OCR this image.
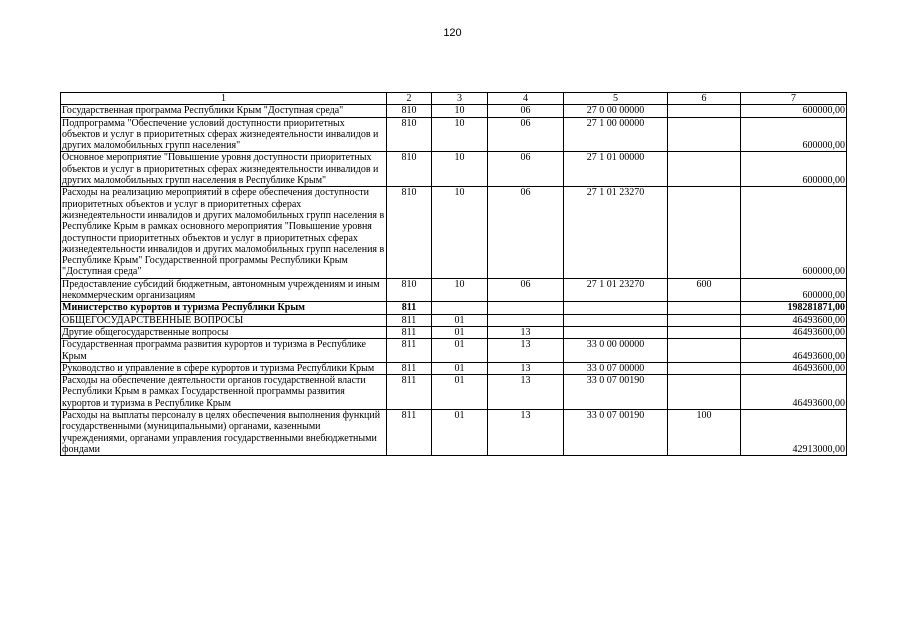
120
1	2	3	4	5	6	7
Государственная программа Республики Крым "Доступная среда"	810	10	06	27 0 00 00000		600000,00
Подпрограмма "Обеспечение условий доступности приоритетных объектов и услуг в приоритетных сферах жизнедеятельности инвалидов и других маломобильных групп населения"	810	10	06	27 1 00 00000		600000,00
Основное мероприятие "Повышение уровня доступности приоритетных объектов и услуг в приоритетных сферах жизнедеятельности инвалидов и других маломобильных групп населения в Республике Крым"	810	10	06	27 1 01 00000		600000,00
Расходы на реализацию мероприятий в сфере обеспечения доступности приоритетных объектов и услуг в приоритетных сферах жизнедеятельности инвалидов и других маломобильных групп населения в Республике Крым в рамках основного мероприятия "Повышение уровня доступности приоритетных объектов и услуг в приоритетных сферах жизнедеятельности инвалидов и других маломобильных групп населения в Республике Крым" Государственной программы Республики Крым "Доступная среда"	810	10	06	27 1 01 23270		600000,00
Предоставление субсидий бюджетным, автономным учреждениям и иным некоммерческим организациям	810	10	06	27 1 01 23270	600	600000,00
Министерство курортов и туризма Республики Крым	811					198281871,00
ОБЩЕГОСУДАРСТВЕННЫЕ ВОПРОСЫ	811	01				46493600,00
Другие общегосударственные вопросы	811	01	13			46493600,00
Государственная программа развития курортов и туризма в Республике Крым	811	01	13	33 0 00 00000		46493600,00
Руководство и управление в сфере курортов и туризма Республики Крым	811	01	13	33 0 07 00000		46493600,00
Расходы на обеспечение деятельности органов государственной власти Республики Крым в рамках Государственной программы развития курортов и туризма в Республике Крым	811	01	13	33 0 07 00190		46493600,00
Расходы на выплаты персоналу в целях обеспечения выполнения функций государственными (муниципальными) органами, казенными учреждениями, органами управления государственными внебюджетными фондами	811	01	13	33 0 07 00190	100	42913000,00
